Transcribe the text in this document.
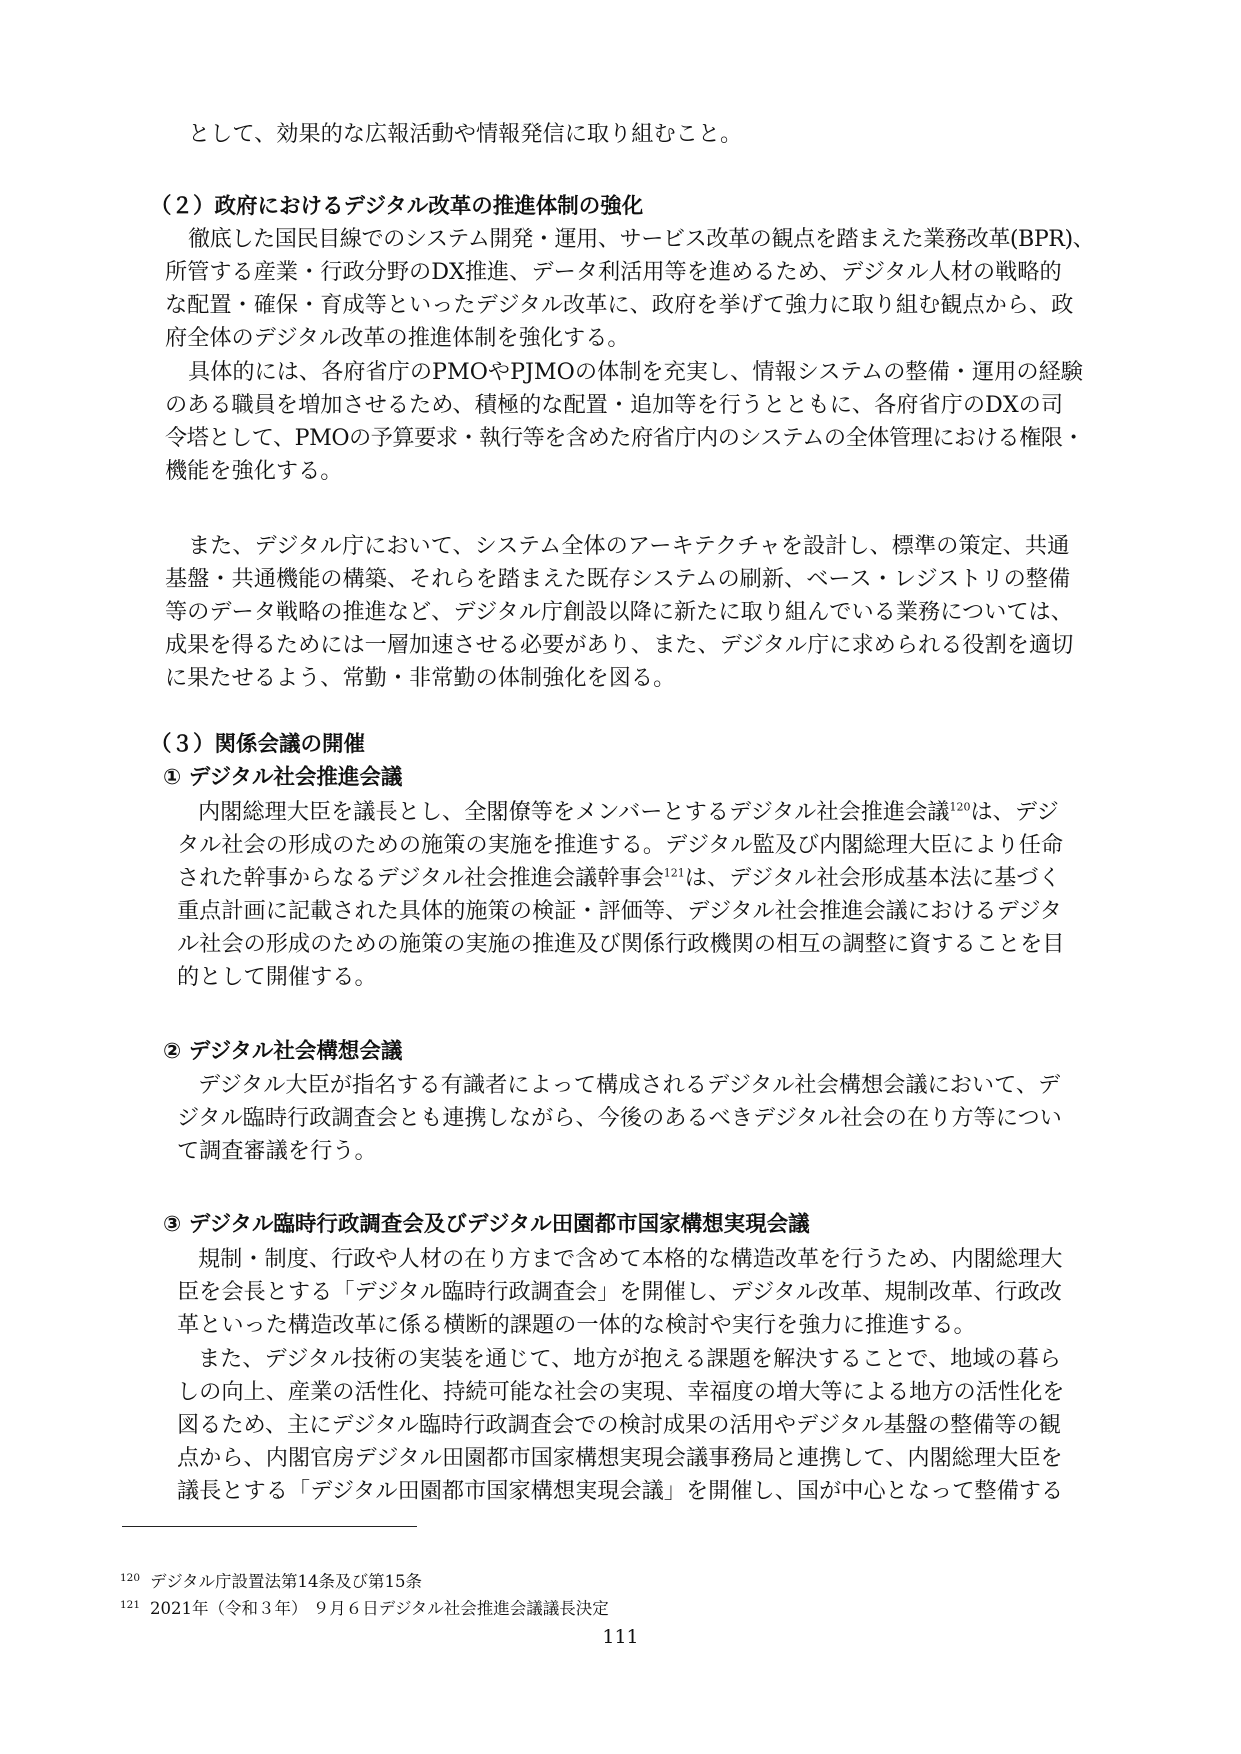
として、効果的な広報活動や情報発信に取り組むこと。
（２）政府におけるデジタル改革の推進体制の強化
徹底した国民目線でのシステム開発・運用、サービス改革の観点を踏まえた業務改革(BPR)、
所管する産業・行政分野のDX推進、データ利活用等を進めるため、デジタル人材の戦略的
な配置・確保・育成等といったデジタル改革に、政府を挙げて強力に取り組む観点から、政
府全体のデジタル改革の推進体制を強化する。
具体的には、各府省庁のPMOやPJMOの体制を充実し、情報システムの整備・運用の経験
のある職員を増加させるため、積極的な配置・追加等を行うとともに、各府省庁のDXの司
令塔として、PMOの予算要求・執行等を含めた府省庁内のシステムの全体管理における権限・
機能を強化する。
また、デジタル庁において、システム全体のアーキテクチャを設計し、標準の策定、共通
基盤・共通機能の構築、それらを踏まえた既存システムの刷新、ベース・レジストリの整備
等のデータ戦略の推進など、デジタル庁創設以降に新たに取り組んでいる業務については、
成果を得るためには一層加速させる必要があり、また、デジタル庁に求められる役割を適切
に果たせるよう、常勤・非常勤の体制強化を図る。
（３）関係会議の開催
① デジタル社会推進会議
内閣総理大臣を議長とし、全閣僚等をメンバーとするデジタル社会推進会議$^{120}$は、デジ
タル社会の形成のための施策の実施を推進する。デジタル監及び内閣総理大臣により任命
された幹事からなるデジタル社会推進会議幹事会$^{121}$は、デジタル社会形成基本法に基づく
重点計画に記載された具体的施策の検証・評価等、デジタル社会推進会議におけるデジタ
ル社会の形成のための施策の実施の推進及び関係行政機関の相互の調整に資することを目
的として開催する。
② デジタル社会構想会議
デジタル大臣が指名する有識者によって構成されるデジタル社会構想会議において、デ
ジタル臨時行政調査会とも連携しながら、今後のあるべきデジタル社会の在り方等につい
て調査審議を行う。
③ デジタル臨時行政調査会及びデジタル田園都市国家構想実現会議
規制・制度、行政や人材の在り方まで含めて本格的な構造改革を行うため、内閣総理大
臣を会長とする「デジタル臨時行政調査会」を開催し、デジタル改革、規制改革、行政改
革といった構造改革に係る横断的課題の一体的な検討や実行を強力に推進する。
また、デジタル技術の実装を通じて、地方が抱える課題を解決することで、地域の暮ら
しの向上、産業の活性化、持続可能な社会の実現、幸福度の増大等による地方の活性化を
図るため、主にデジタル臨時行政調査会での検討成果の活用やデジタル基盤の整備等の観
点から、内閣官房デジタル田園都市国家構想実現会議事務局と連携して、内閣総理大臣を
議長とする「デジタル田園都市国家構想実現会議」を開催し、国が中心となって整備する
$^{120}$ デジタル庁設置法第14条及び第15条
$^{121}$ 2021年（令和３年） ９月６日デジタル社会推進会議議長決定
111
